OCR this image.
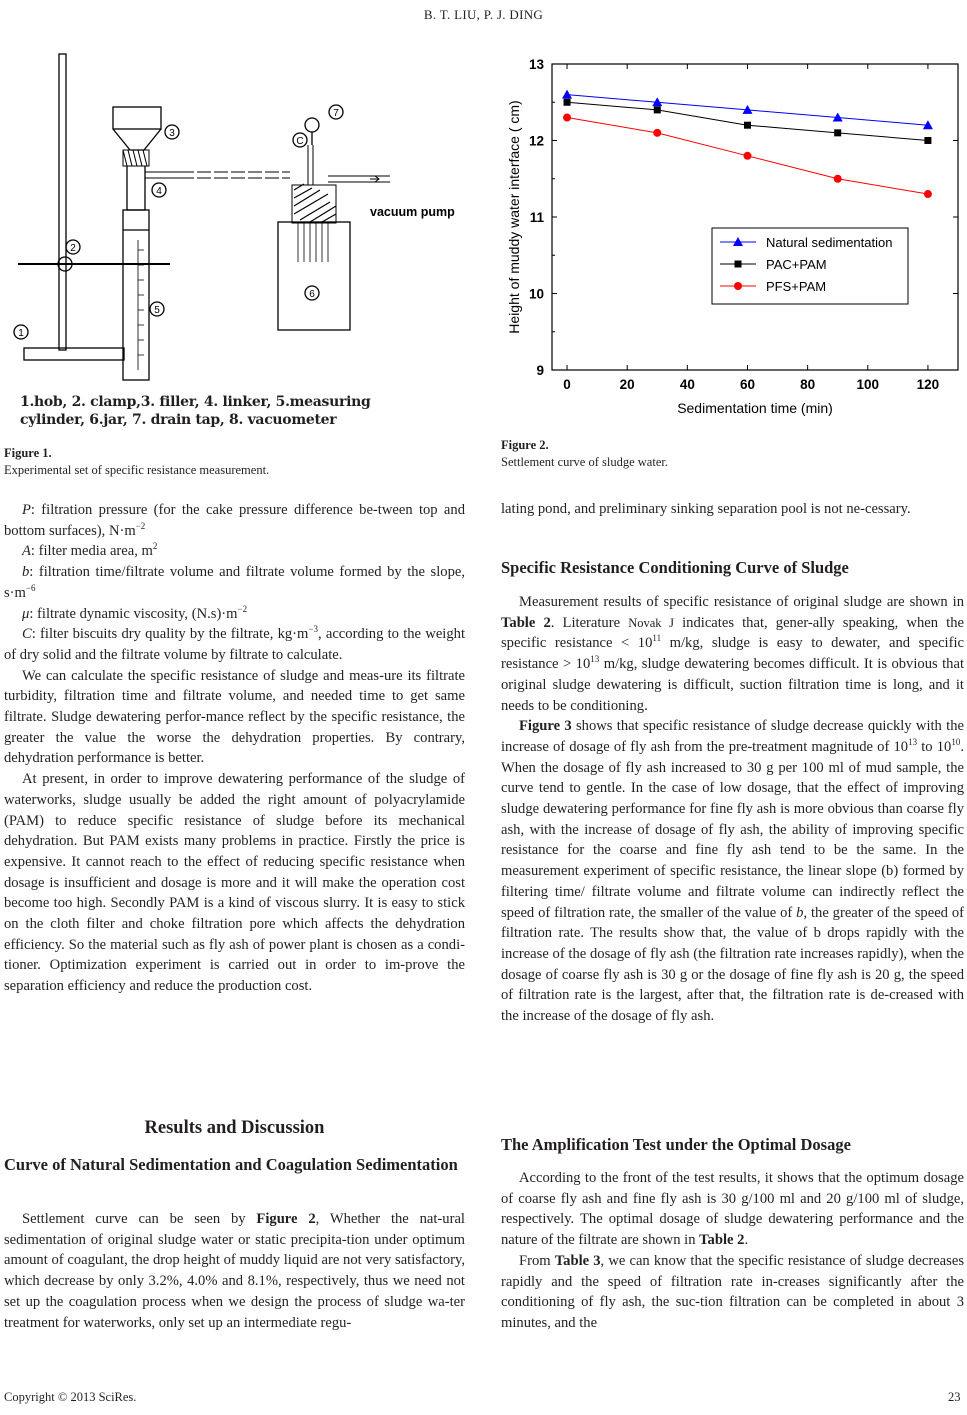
B. T. LIU, P. J. DING
1
2
3
4
5
6
7
C
vacuum pump
1.hob, 2. clamp,3. filler, 4. linker, 5.measuring
cylinder, 6.jar, 7. drain tap, 8. vacuometer
Figure 1.
Experimental set of specific resistance measurement.
0	20	40	60	80	100	120
9
10
11
12
13
Sedimentation time (min)
Height of muddy water interface ( cm)	Natural sedimentation
PAC+PAM
PFS+PAM
Figure 2.
Settlement curve of sludge water.

P: filtration pressure (for the cake pressure difference be-tween top and bottom surfaces), $N\cdot m^{-2}$

A: filter media area, $m^2$

b: filtration time/filtrate volume and filtrate volume formed by the slope, $s\cdot m^{-6}$

μ: filtrate dynamic viscosity, $(N.s)\cdot m^{-2}$

C: filter biscuits dry quality by the filtrate, $kg\cdot m^{-3}$, according to the weight of dry solid and the filtrate volume by filtrate to calculate.

We can calculate the specific resistance of sludge and meas-ure its filtrate turbidity, filtration time and filtrate volume, and needed time to get same filtrate. Sludge dewatering perfor-mance reflect by the specific resistance, the greater the value the worse the dehydration properties. By contrary, dehydration performance is better.

At present, in order to improve dewatering performance of the sludge of waterworks, sludge usually be added the right amount of polyacrylamide (PAM) to reduce specific resistance of sludge before its mechanical dehydration. But PAM exists many problems in practice. Firstly the price is expensive. It cannot reach to the effect of reducing specific resistance when dosage is insufficient and dosage is more and it will make the operation cost become too high. Secondly PAM is a kind of viscous slurry. It is easy to stick on the cloth filter and choke filtration pore which affects the dehydration efficiency. So the material such as fly ash of power plant is chosen as a condi-tioner. Optimization experiment is carried out in order to im-prove the separation efficiency and reduce the production cost.

Results and Discussion
Curve of Natural Sedimentation and Coagulation Sedimentation

Settlement curve can be seen by Figure 2, Whether the nat-ural sedimentation of original sludge water or static precipita-tion under optimum amount of coagulant, the drop height of muddy liquid are not very satisfactory, which decrease by only 3.2%, 4.0% and 8.1%, respectively, thus we need not set up the coagulation process when we design the process of sludge wa-ter treatment for waterworks, only set up an intermediate regu-

lating pond, and preliminary sinking separation pool is not ne-cessary.

Specific Resistance Conditioning Curve of Sludge

Measurement results of specific resistance of original sludge are shown in Table 2. Literature Novak J indicates that, gener-ally speaking, when the specific resistance < $10^{11}$ m/kg, sludge is easy to dewater, and specific resistance > $10^{13}$ m/kg, sludge dewatering becomes difficult. It is obvious that original sludge dewatering is difficult, suction filtration time is long, and it needs to be conditioning.

Figure 3 shows that specific resistance of sludge decrease quickly with the increase of dosage of fly ash from the pre-treatment magnitude of $10^{13}$ to $10^{10}$. When the dosage of fly ash increased to 30 g per 100 ml of mud sample, the curve tend to gentle. In the case of low dosage, that the effect of improving sludge dewatering performance for fine fly ash is more obvious than coarse fly ash, with the increase of dosage of fly ash, the ability of improving specific resistance for the coarse and fine fly ash tend to be the same. In the measurement experiment of specific resistance, the linear slope (b) formed by filtering time/ filtrate volume and filtrate volume can indirectly reflect the speed of filtration rate, the smaller of the value of b, the greater of the speed of filtration rate. The results show that, the value of b drops rapidly with the increase of the dosage of fly ash (the filtration rate increases rapidly), when the dosage of coarse fly ash is 30 g or the dosage of fine fly ash is 20 g, the speed of filtration rate is the largest, after that, the filtration rate is de-creased with the increase of the dosage of fly ash.

The Amplification Test under the Optimal Dosage

According to the front of the test results, it shows that the optimum dosage of coarse fly ash and fine fly ash is 30 g/100 ml and 20 g/100 ml of sludge, respectively. The optimal dosage of sludge dewatering performance and the nature of the filtrate are shown in Table 2.

From Table 3, we can know that the specific resistance of sludge decreases rapidly and the speed of filtration rate in-creases significantly after the conditioning of fly ash, the suc-tion filtration can be completed in about 3 minutes, and the

Copyright © 2013 SciRes.	23
